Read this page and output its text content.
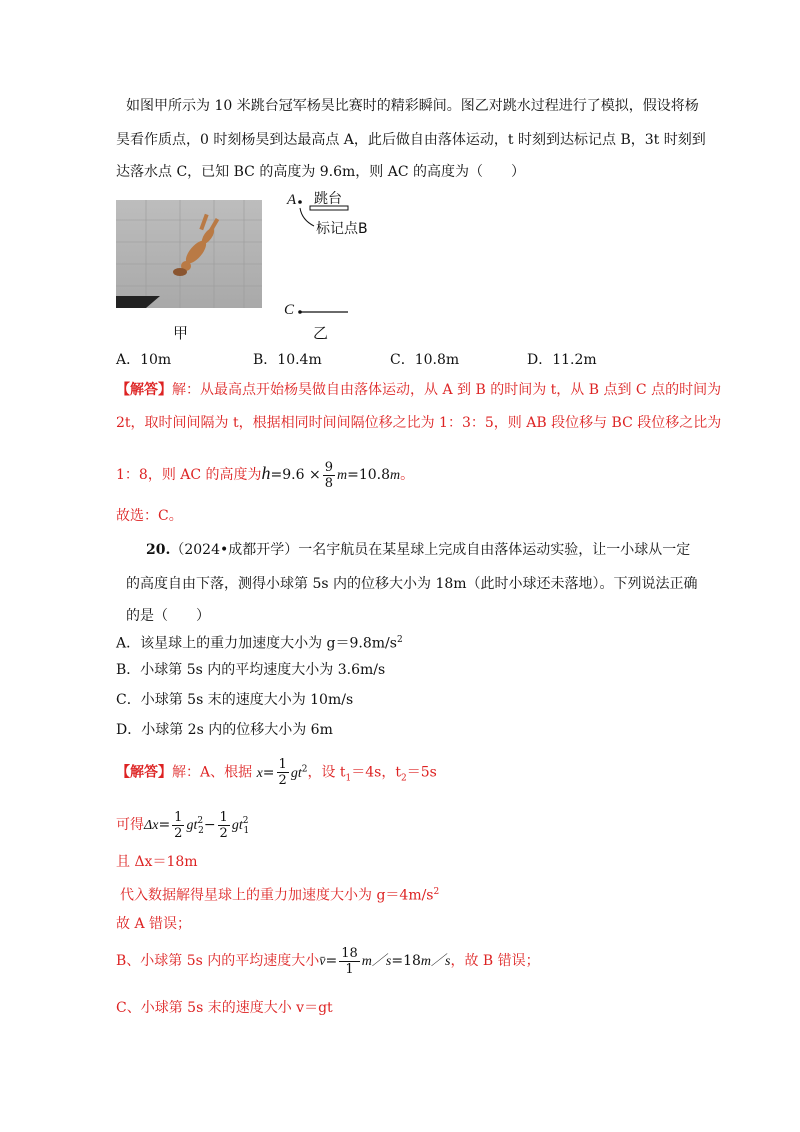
如图甲所示为 10 米跳台冠军杨昊比赛时的精彩瞬间。图乙对跳水过程进行了模拟，假设将杨
昊看作质点，0 时刻杨昊到达最高点 A，此后做自由落体运动，t 时刻到达标记点 B，3t 时刻到
达落水点 C，已知 BC 的高度为 9.6m，则 AC 的高度为（　　）
甲
A 跳台
标记点B
C
乙
A．10m	B．10.4m	C．10.8m	D．11.2m
【解答】解：从最高点开始杨昊做自由落体运动，从 A 到 B 的时间为 t，从 B 点到 C 点的时间为
2t，取时间间隔为 t，根据相同时间间隔位移之比为 1：3：5，则 AB 段位移与 BC 段位移之比为
1：8，则 AC 的高度为$h=9.6 \times \frac{9}{8} m=10.8m$。
故选：C。
20.（2024•成都开学）一名宇航员在某星球上完成自由落体运动实验，让一小球从一定
的高度自由下落，测得小球第 5s 内的位移大小为 18m（此时小球还未落地）。下列说法正确
的是（　　）
A．该星球上的重力加速度大小为 $g=9.8m/s^2$
B．小球第 5s 内的平均速度大小为 3.6m/s
C．小球第 5s 末的速度大小为 10m/s
D．小球第 2s 内的位移大小为 6m
【解答】解：A、根据 $x= \frac{1}{2} gt^2$，设 $t_1=4s$，$t_2=5s$
可得$\Delta x= \frac{1}{2} gt^2_2- \frac{1}{2} gt^2_1$
且 Δx＝18m
代入数据解得星球上的重力加速度大小为 $g=4m/s^2$
故 A 错误；
B、小球第 5s 内的平均速度大小v̄= $\frac{18}{1}$ m／s=18m／s，故 B 错误；
C、小球第 5s 末的速度大小 v＝gt
